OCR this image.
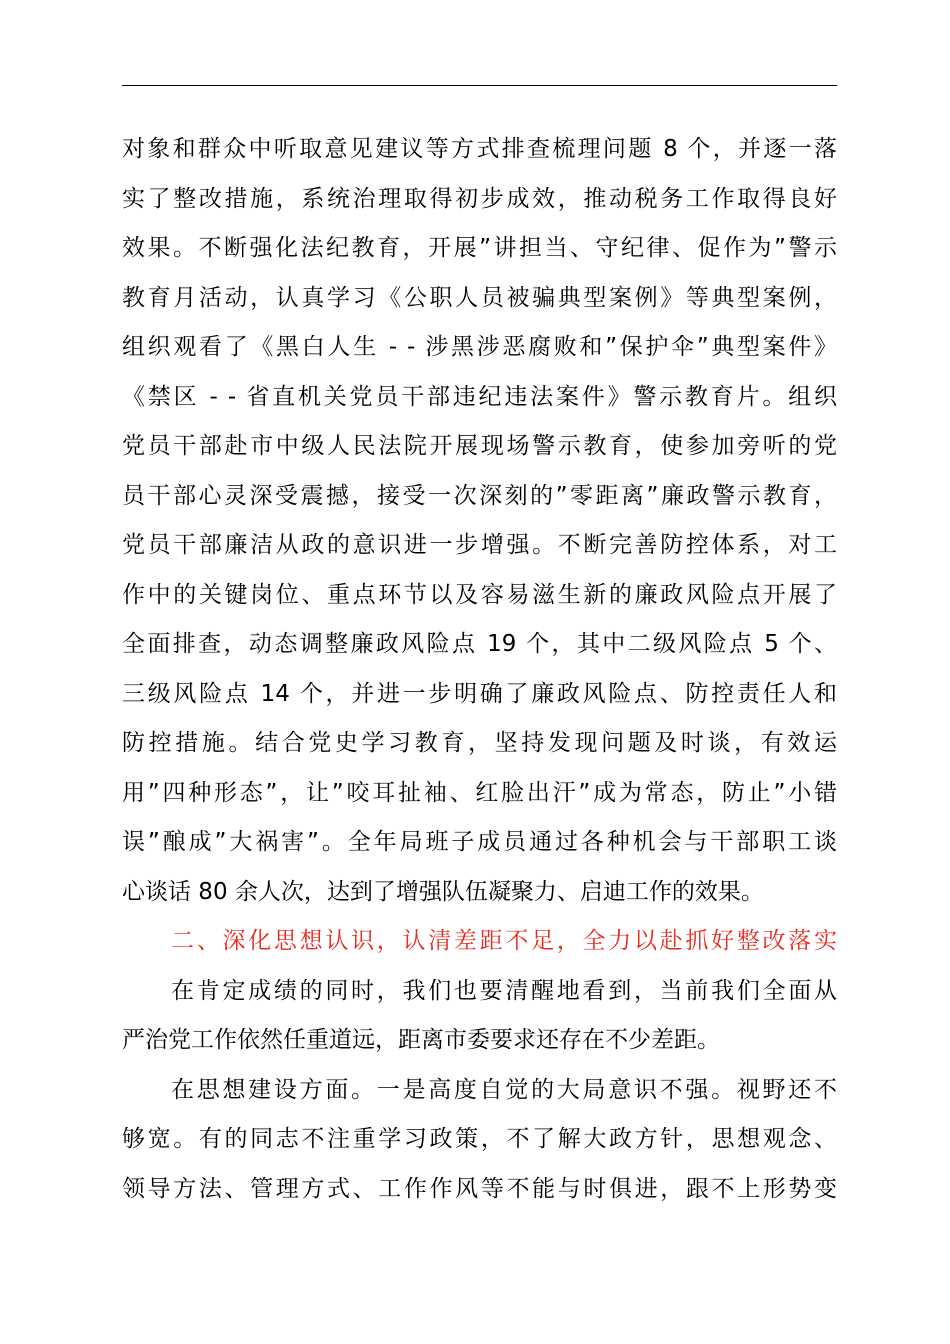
对象和群众中听取意见建议等方式排查梳理问题 8 个，并逐一落
实了整改措施，系统治理取得初步成效，推动税务工作取得良好
效果。不断强化法纪教育，开展”讲担当、守纪律、促作为”警示
教育月活动，认真学习《公职人员被骗典型案例》等典型案例，
组织观看了《黑白人生 - - 涉黑涉恶腐败和”保护伞”典型案件》
《禁区 - - 省直机关党员干部违纪违法案件》警示教育片。组织
党员干部赴市中级人民法院开展现场警示教育，使参加旁听的党
员干部心灵深受震撼，接受一次深刻的”零距离”廉政警示教育，
党员干部廉洁从政的意识进一步增强。不断完善防控体系，对工
作中的关键岗位、重点环节以及容易滋生新的廉政风险点开展了
全面排查，动态调整廉政风险点 19 个，其中二级风险点 5 个、
三级风险点 14 个，并进一步明确了廉政风险点、防控责任人和
防控措施。结合党史学习教育，坚持发现问题及时谈，有效运
用”四种形态”，让”咬耳扯袖、红脸出汗”成为常态，防止”小错
误”酿成”大祸害”。全年局班子成员通过各种机会与干部职工谈
心谈话 80 余人次，达到了增强队伍凝聚力、启迪工作的效果。
二、深化思想认识，认清差距不足，全力以赴抓好整改落实
在肯定成绩的同时，我们也要清醒地看到，当前我们全面从
严治党工作依然任重道远，距离市委要求还存在不少差距。
在思想建设方面。一是高度自觉的大局意识不强。视野还不
够宽。有的同志不注重学习政策，不了解大政方针，思想观念、
领导方法、管理方式、工作作风等不能与时俱进，跟不上形势变
